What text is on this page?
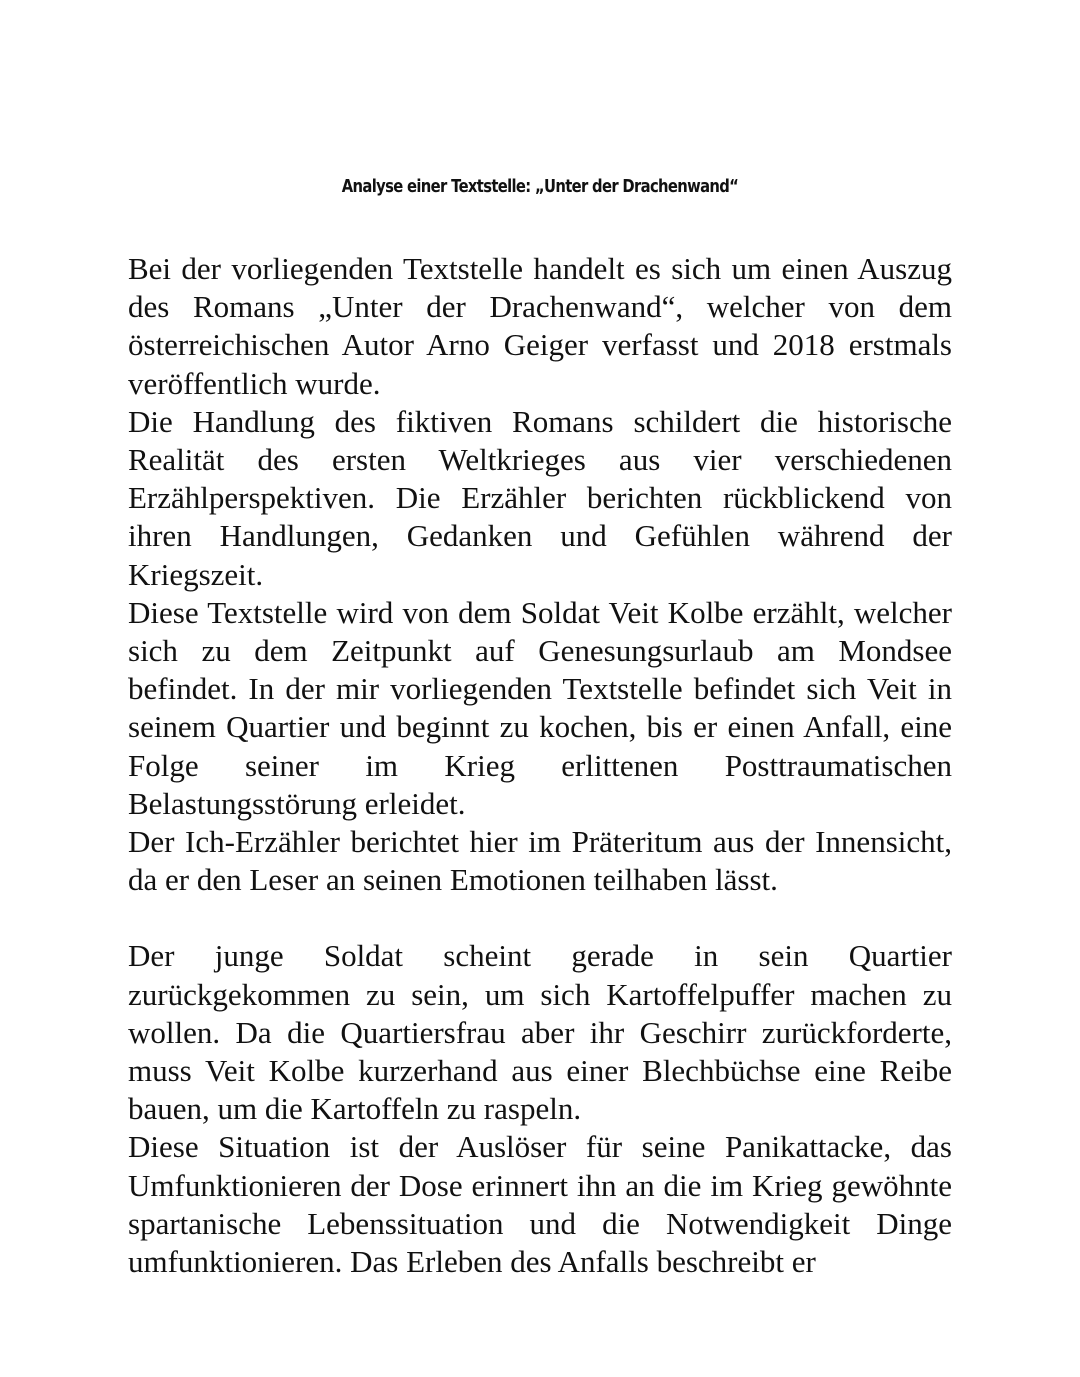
Analyse einer Textstelle: „Unter der Drachenwand“

Bei der vorliegenden Textstelle handelt es sich um einen Auszug des Romans „Unter der Drachenwand“, welcher von dem österreichischen Autor Arno Geiger verfasst und 2018 erstmals veröffentlich wurde.

Die Handlung des fiktiven Romans schildert die historische Realität des ersten Weltkrieges aus vier verschiedenen Erzählperspektiven. Die Erzähler berichten rückblickend von ihren Handlungen, Gedanken und Gefühlen während der Kriegszeit.

Diese Textstelle wird von dem Soldat Veit Kolbe erzählt, welcher sich zu dem Zeitpunkt auf Genesungsurlaub am Mondsee befindet. In der mir vorliegenden Textstelle befindet sich Veit in seinem Quartier und beginnt zu kochen, bis er einen Anfall, eine Folge seiner im Krieg erlittenen Posttraumatischen Belastungsstörung erleidet.

Der Ich-Erzähler berichtet hier im Präteritum aus der Innensicht, da er den Leser an seinen Emotionen teilhaben lässt.

Der junge Soldat scheint gerade in sein Quartier zurückgekommen zu sein, um sich Kartoffelpuffer machen zu wollen. Da die Quartiersfrau aber ihr Geschirr zurückforderte, muss Veit Kolbe kurzerhand aus einer Blechbüchse eine Reibe bauen, um die Kartoffeln zu raspeln.

Diese Situation ist der Auslöser für seine Panikattacke, das Umfunktionieren der Dose erinnert ihn an die im Krieg gewöhnte spartanische Lebenssituation und die Notwendigkeit Dinge umfunktionieren. Das Erleben des Anfalls beschreibt er
